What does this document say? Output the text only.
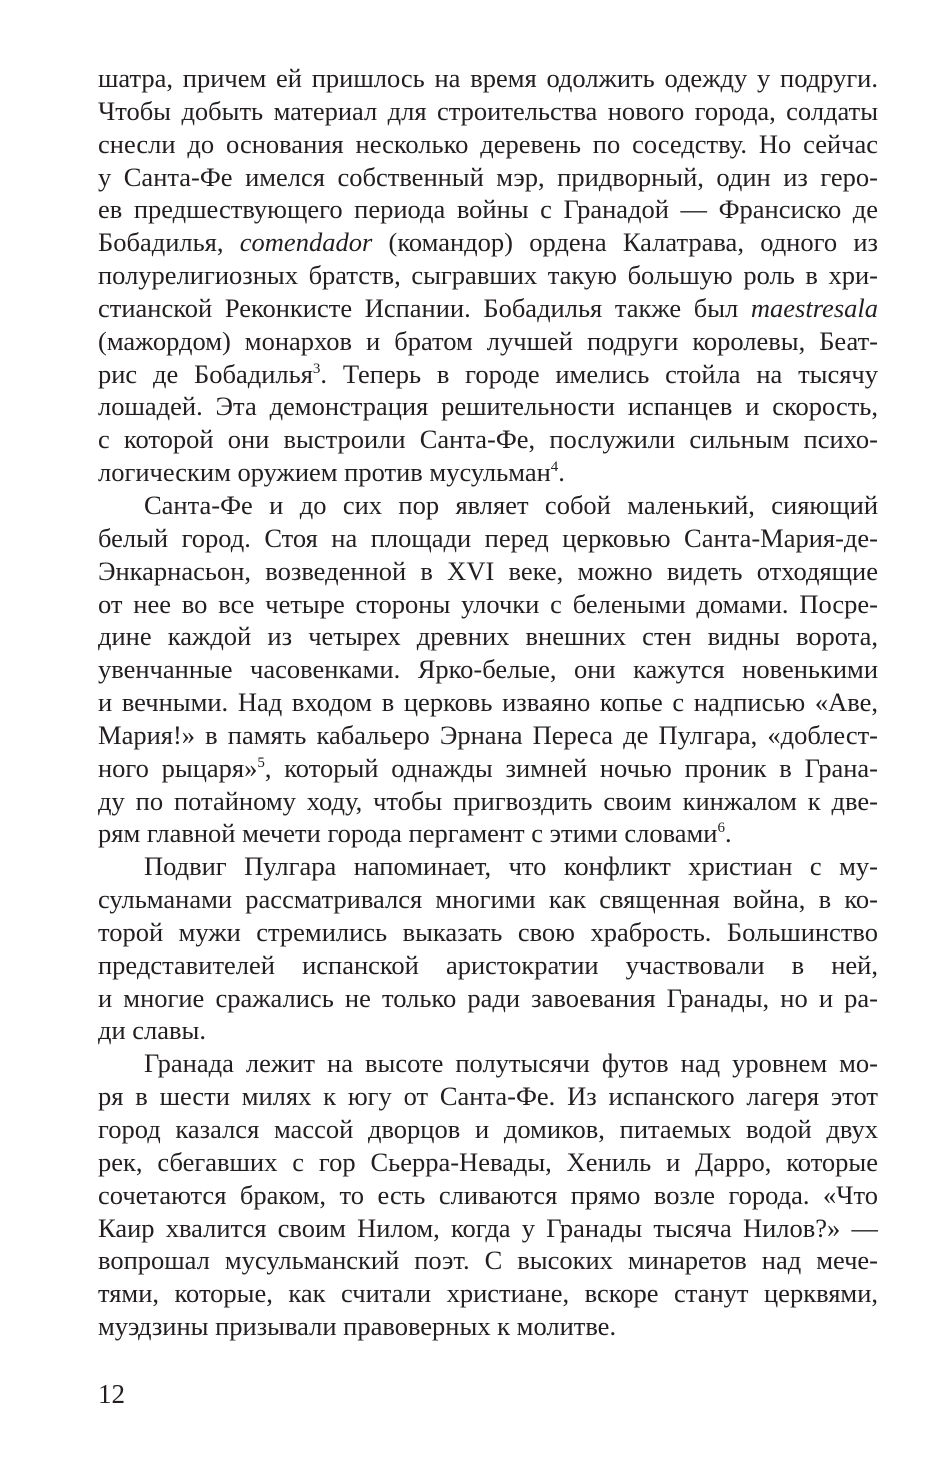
шатра, причем ей пришлось на время одолжить одежду у подруги.
Чтобы добыть материал для строительства нового города, солдаты
снесли до основания несколько деревень по соседству. Но сейчас
у Санта-Фе имелся собственный мэр, придворный, один из геро-
ев предшествующего периода войны с Гранадой — Франсиско де
Бобадилья, comendador (командор) ордена Калатрава, одного из
полурелигиозных братств, сыгравших такую большую роль в хри-
стианской Реконкисте Испании. Бобадилья также был maestresala
(мажордом) монархов и братом лучшей подруги королевы, Беат-
рис де Бобадилья$^3$. Теперь в городе имелись стойла на тысячу
лошадей. Эта демонстрация решительности испанцев и скорость,
с которой они выстроили Санта-Фе, послужили сильным психо-
логическим оружием против мусульман$^4$.
Санта-Фе и до сих пор являет собой маленький, сияющий
белый город. Стоя на площади перед церковью Санта-Мария-де-
Энкарнасьон, возведенной в XVI веке, можно видеть отходящие
от нее во все четыре стороны улочки с белеными домами. Посре-
дине каждой из четырех древних внешних стен видны ворота,
увенчанные часовенками. Ярко-белые, они кажутся новенькими
и вечными. Над входом в церковь изваяно копье с надписью «Аве,
Мария!» в память кабальеро Эрнана Переса де Пулгара, «доблест-
ного рыцаря»$^5$, который однажды зимней ночью проник в Грана-
ду по потайному ходу, чтобы пригвоздить своим кинжалом к две-
рям главной мечети города пергамент с этими словами$^6$.
Подвиг Пулгара напоминает, что конфликт христиан с му-
сульманами рассматривался многими как священная война, в ко-
торой мужи стремились выказать свою храбрость. Большинство
представителей испанской аристократии участвовали в ней,
и многие сражались не только ради завоевания Гранады, но и ра-
ди славы.
Гранада лежит на высоте полутысячи футов над уровнем мо-
ря в шести милях к югу от Санта-Фе. Из испанского лагеря этот
город казался массой дворцов и домиков, питаемых водой двух
рек, сбегавших с гор Сьерра-Невады, Хениль и Дарро, которые
сочетаются браком, то есть сливаются прямо возле города. «Что
Каир хвалится своим Нилом, когда у Гранады тысяча Нилов?» —
вопрошал мусульманский поэт. С высоких минаретов над мече-
тями, которые, как считали христиане, вскоре станут церквями,
муэдзины призывали правоверных к молитве.
12
